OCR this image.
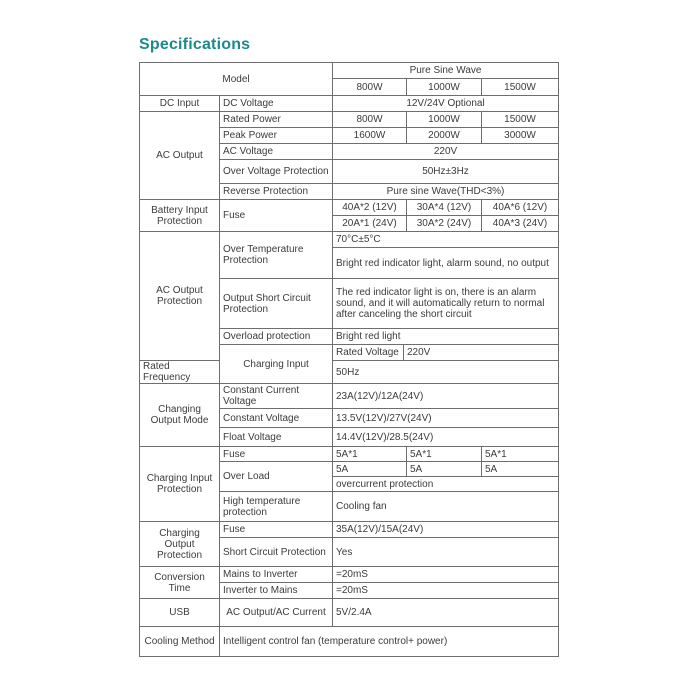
Specifications
Model		Pure Sine Wave			
		800W		1000W	1500W
DC Input	DC Voltage	12V/24V Optional			
AC Output	Rated Power	800W		1000W	1500W
	Peak Power	1600W		2000W	3000W
	AC Voltage	220V			
	Over Voltage Protection	50Hz±3Hz			
	Reverse Protection	Pure sine Wave(THD<3%)			
Battery Input Protection	Fuse	40A*2 (12V)		30A*4 (12V)	40A*6 (12V)
		20A*1 (24V)		30A*2 (24V)	40A*3 (24V)
AC Output Protection	Over Temperature Protection	70°C±5°C			
		Bright red indicator light, alarm sound, no output			
	Output Short Circuit Protection	The red indicator light is on, there is an alarm sound, and it will automatically return to normal after canceling the short circuit			
	Overload protection	Bright red light			
	Charging Input	Rated Voltage	220V		
Rated Frequency		50Hz			
Changing Output Mode	Constant Current Voltage	23A(12V)/12A(24V)			
	Constant Voltage	13.5V(12V)/27V(24V)			
	Float Voltage	14.4V(12V)/28.5(24V)			
Charging Input Protection	Fuse	5A*1		5A*1	5A*1
	Over Load	5A		5A	5A
		overcurrent protection			
	High temperature protection	Cooling fan			
Charging Output Protection	Fuse	35A(12V)/15A(24V)			
	Short Circuit Protection	Yes			
Conversion Time	Mains to Inverter	=20mS			
	Inverter to Mains	=20mS			
USB	AC Output/AC Current	5V/2.4A			
Cooling Method	Intelligent control fan (temperature control+ power)				
